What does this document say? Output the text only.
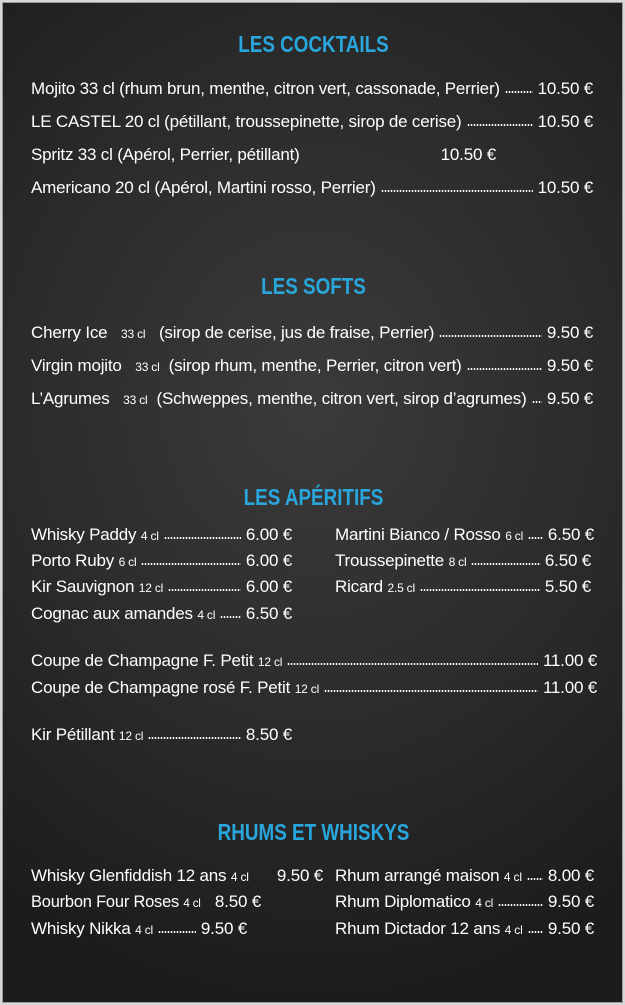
LES COCKTAILS
Mojito 33 cl (rhum brun, menthe, citron vert, cassonade, Perrier) 10.50 €
LE CASTEL 20 cl (pétillant, troussepinette, sirop de cerise)	10.50 €
Spritz 33 cl (Apérol, Perrier, pétillant)	10.50 €
Americano 20 cl (Apérol, Martini rosso, Perrier)	10.50 €
LES SOFTS
Cherry Ice 33 cl (sirop de cerise, jus de fraise, Perrier)	9.50 €
Virgin mojito 33 cl (sirop rhum, menthe, Perrier, citron vert)	9.50 €
L’Agrumes 33 cl (Schweppes, menthe, citron vert, sirop d’agrumes) 9.50 €
LES APÉRITIFS
Whisky Paddy 4 cl	6.00 €
Porto Ruby 6 cl	6.00 €
Kir Sauvignon 12 cl	6.00 €
Cognac aux amandes 4 cl 6.50 €
Martini Bianco / Rosso 6 cl 6.50 €
Troussepinette 8 cl	6.50 €
Ricard 2.5 cl	5.50 €
Coupe de Champagne F. Petit 12 cl	11.00 €
Coupe de Champagne rosé F. Petit 12 cl	11.00 €
Kir Pétillant 12 cl	8.50 €
RHUMS ET WHISKYS
Whisky Glenfiddish 12 ans 4 cl 9.50 €
Bourbon Four Roses 4 cl 8.50 €
Whisky Nikka 4 cl	9.50 €
Rhum arrangé maison 4 cl 8.00 €
Rhum Diplomatico 4 cl	9.50 €
Rhum Dictador 12 ans 4 cl 9.50 €
